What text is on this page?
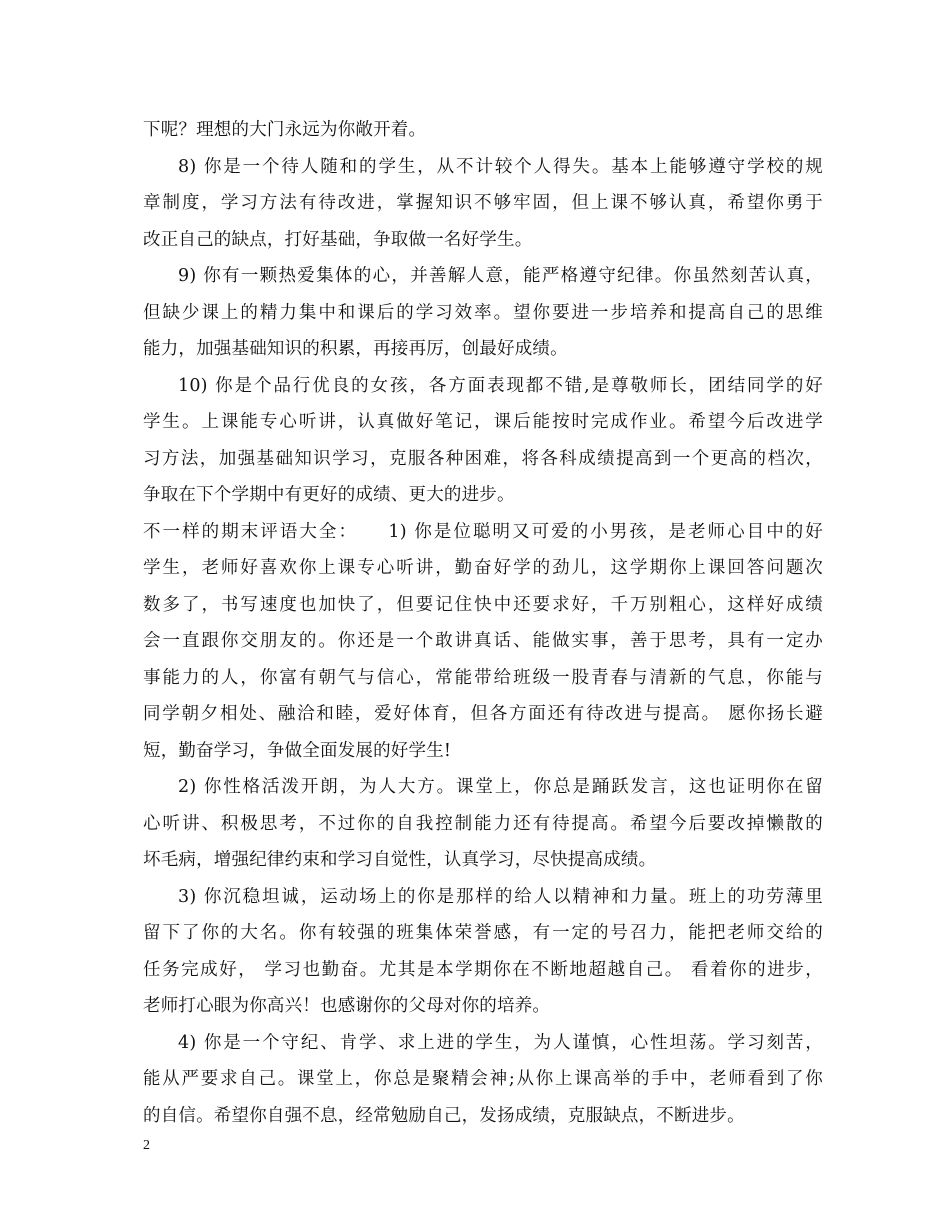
下呢？理想的大门永远为你敞开着。
8) 你是一个待人随和的学生，从不计较个人得失。基本上能够遵守学校的规
章制度，学习方法有待改进，掌握知识不够牢固，但上课不够认真，希望你勇于
改正自己的缺点，打好基础，争取做一名好学生。
9) 你有一颗热爱集体的心，并善解人意，能严格遵守纪律。你虽然刻苦认真，
但缺少课上的精力集中和课后的学习效率。望你要进一步培养和提高自己的思维
能力，加强基础知识的积累，再接再厉，创最好成绩。
10) 你是个品行优良的女孩，各方面表现都不错,是尊敬师长，团结同学的好
学生。上课能专心听讲，认真做好笔记，课后能按时完成作业。希望今后改进学
习方法，加强基础知识学习，克服各种困难，将各科成绩提高到一个更高的档次，
争取在下个学期中有更好的成绩、更大的进步。
不一样的期末评语大全：　　1) 你是位聪明又可爱的小男孩，是老师心目中的好
学生，老师好喜欢你上课专心听讲，勤奋好学的劲儿，这学期你上课回答问题次
数多了，书写速度也加快了，但要记住快中还要求好，千万别粗心，这样好成绩
会一直跟你交朋友的。你还是一个敢讲真话、能做实事，善于思考，具有一定办
事能力的人，你富有朝气与信心，常能带给班级一股青春与清新的气息，你能与
同学朝夕相处、融洽和睦，爱好体育，但各方面还有待改进与提高。 愿你扬长避
短，勤奋学习，争做全面发展的好学生!
2) 你性格活泼开朗，为人大方。课堂上，你总是踊跃发言，这也证明你在留
心听讲、积极思考，不过你的自我控制能力还有待提高。希望今后要改掉懒散的
坏毛病，增强纪律约束和学习自觉性，认真学习，尽快提高成绩。
3) 你沉稳坦诚，运动场上的你是那样的给人以精神和力量。班上的功劳薄里
留下了你的大名。你有较强的班集体荣誉感，有一定的号召力，能把老师交给的
任务完成好， 学习也勤奋。尤其是本学期你在不断地超越自己。 看着你的进步，
老师打心眼为你高兴！也感谢你的父母对你的培养。
4) 你是一个守纪、肯学、求上进的学生，为人谨慎，心性坦荡。学习刻苦，
能从严要求自己。课堂上，你总是聚精会神;从你上课高举的手中，老师看到了你
的自信。希望你自强不息，经常勉励自己，发扬成绩，克服缺点，不断进步。
2
